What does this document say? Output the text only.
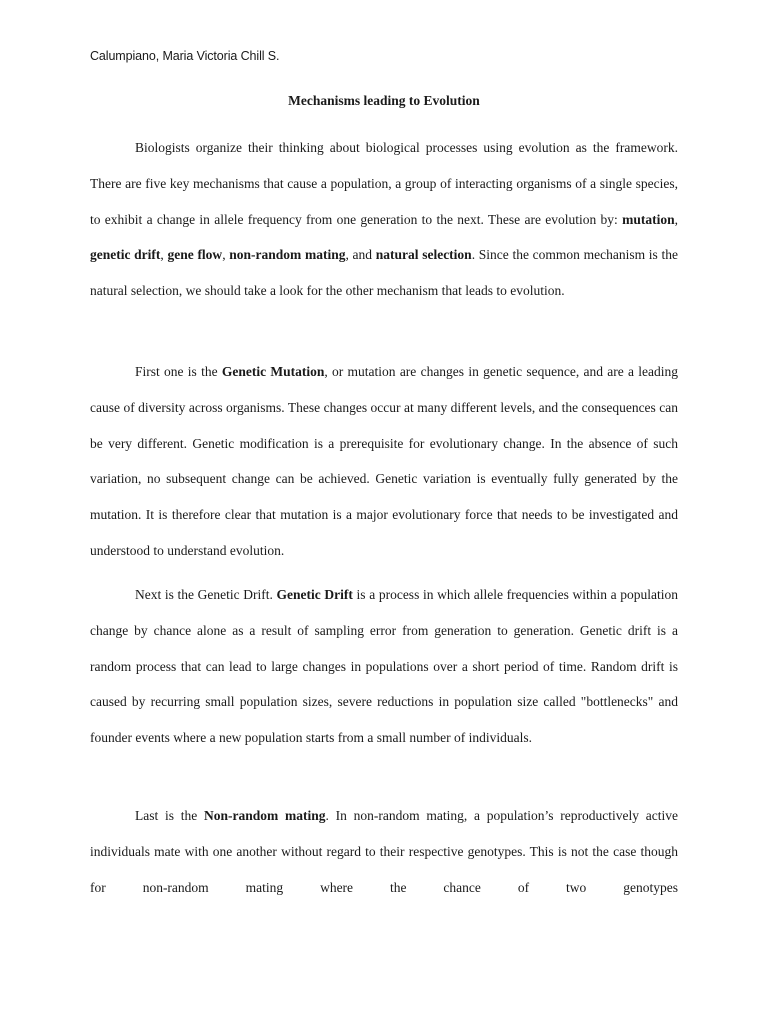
Calumpiano, Maria Victoria Chill S.
Mechanisms leading to Evolution

Biologists organize their thinking about biological processes using evolution as the framework. There are five key mechanisms that cause a population, a group of interacting organisms of a single species, to exhibit a change in allele frequency from one generation to the next. These are evolution by: mutation, genetic drift, gene flow, non-random mating, and natural selection. Since the common mechanism is the natural selection, we should take a look for the other mechanism that leads to evolution.

First one is the Genetic Mutation, or mutation are changes in genetic sequence, and are a leading cause of diversity across organisms. These changes occur at many different levels, and the consequences can be very different. Genetic modification is a prerequisite for evolutionary change. In the absence of such variation, no subsequent change can be achieved. Genetic variation is eventually fully generated by the mutation. It is therefore clear that mutation is a major evolutionary force that needs to be investigated and understood to understand evolution.

Next is the Genetic Drift. Genetic Drift is a process in which allele frequencies within a population change by chance alone as a result of sampling error from generation to generation. Genetic drift is a random process that can lead to large changes in populations over a short period of time. Random drift is caused by recurring small population sizes, severe reductions in population size called "bottlenecks" and founder events where a new population starts from a small number of individuals.

Last is the Non-random mating. In non-random mating, a population’s reproductively active individuals mate with one another without regard to their respective genotypes. This is not the case though for non-random mating where the chance of two genotypes
